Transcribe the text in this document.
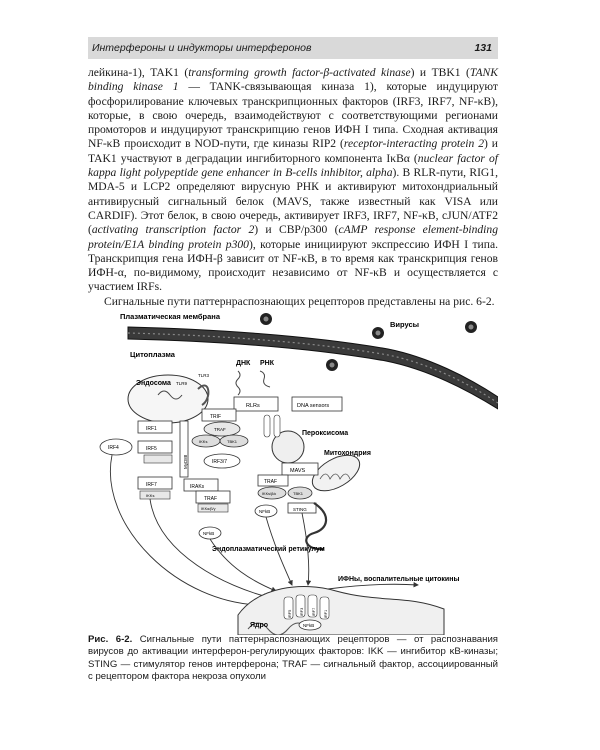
Интерфероны и индукторы интерферонов	131

лейкина-1), TAK1 (transforming growth factor-β-activated kinase) и TBK1 (TANK binding kinase 1 — TANK-связывающая киназа 1), которые индуцируют фосфорилирование ключевых транскрипционных факторов (IRF3, IRF7, NF-κB), которые, в свою очередь, взаимодействуют с соответствующими регионами промоторов и индуцируют транскрипцию генов ИФН I типа. Сходная активация NF-κB происходит в NOD-пути, где киназы RIP2 (receptor-interacting protein 2) и TAK1 участвуют в деградации ингибиторного компонента IκBα (nuclear factor of kappa light polypeptide gene enhancer in B-cells inhibitor, alpha). В RLR-пути, RIG1, MDA-5 и LCP2 определяют вирусную РНК и активируют митохондриальный антивирусный сигнальный белок (MAVS, также известный как VISA или CARDIF). Этот белок, в свою очередь, активирует IRF3, IRF7, NF-κB, cJUN/ATF2 (activating transcription factor 2) и CBP/p300 (cAMP response element-binding protein/E1A binding protein p300), которые инициируют экспрессию ИФН I типа. Транскрипция гена ИФН-β зависит от NF-κB, в то время как транскрипция генов ИФН-α, по-видимому, происходит независимо от NF-κB и осуществляется с участием IRFs.

Сигнальные пути паттернраспознающих рецепторов представлены на рис. 6-2.

Плазматическая мембрана
Вирусы
Цитоплазма
ДНК РНК
RLRs	DNA sensors
Эндосома TLR9
TLR3
TRIF
TRAF
IKKs	TBK1
IRF1
IRF4	IRF5
MyD88	IRF3/7
IRF7
IKKs
IRAKs
TRAF
IKKα/β/γ
NFkB
Пероксисома
Митохондрия
MAVS
TRAF
IKKs/β/κ	TBK1
NFkB	STING
Эндоплазматический ретикулум
ИФНы, воспалительные цитокины
Ядро
IRF5 IRF3 IRF7 IRF1
NFkB
Рис. 6-2. Сигнальные пути паттернраспознающих рецепторов — от распознавания вирусов до активации интерферон-регулирующих факторов: IKK — ингибитор κB-киназы; STING — стимулятор генов интерферона; TRAF — сигнальный фактор, ассоциированный с рецептором фактора некроза опухоли
